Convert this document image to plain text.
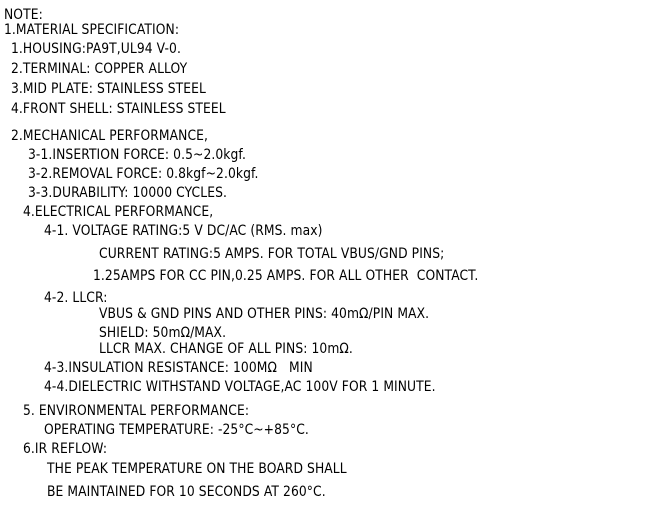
NOTE:
1.MATERIAL SPECIFICATION:
1.HOUSING:PA9T,UL94 V-0.
2.TERMINAL: COPPER ALLOY
3.MID PLATE: STAINLESS STEEL
4.FRONT SHELL: STAINLESS STEEL
2.MECHANICAL PERFORMANCE,
3-1.INSERTION FORCE: 0.5~2.0kgf.
3-2.REMOVAL FORCE: 0.8kgf~2.0kgf.
3-3.DURABILITY: 10000 CYCLES.
4.ELECTRICAL PERFORMANCE,
4-1. VOLTAGE RATING:5 V DC/AC (RMS. max)
CURRENT RATING:5 AMPS. FOR TOTAL VBUS/GND PINS;
1.25AMPS FOR CC PIN,0.25 AMPS. FOR ALL OTHER  CONTACT.
4-2. LLCR:
VBUS & GND PINS AND OTHER PINS: 40mΩ/PIN MAX.
SHIELD: 50mΩ/MAX.
LLCR MAX. CHANGE OF ALL PINS: 10mΩ.
4-3.INSULATION RESISTANCE: 100MΩ   MIN
4-4.DIELECTRIC WITHSTAND VOLTAGE,AC 100V FOR 1 MINUTE.
5. ENVIRONMENTAL PERFORMANCE:
OPERATING TEMPERATURE: -25°C~+85°C.
6.IR REFLOW:
THE PEAK TEMPERATURE ON THE BOARD SHALL
BE MAINTAINED FOR 10 SECONDS AT 260°C.
